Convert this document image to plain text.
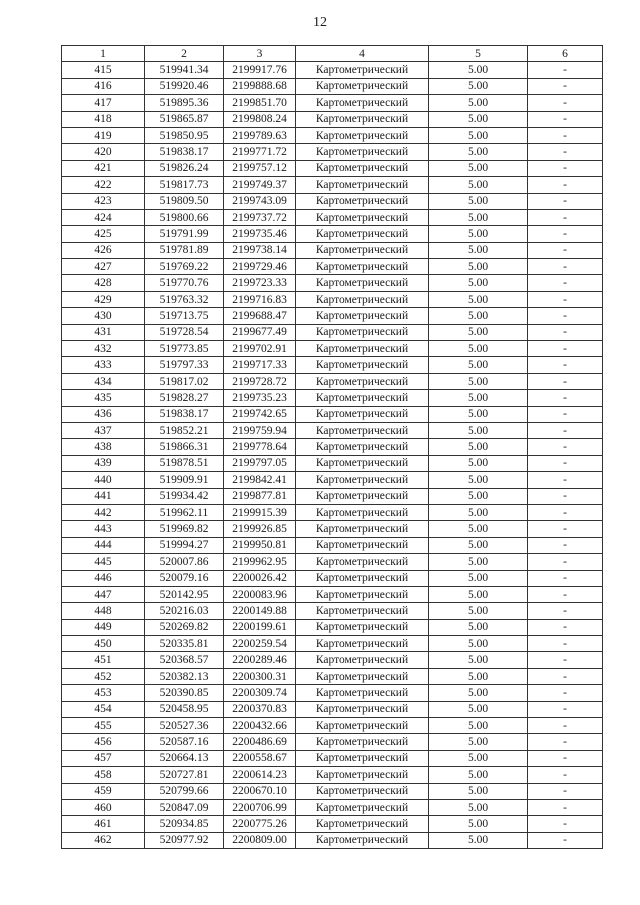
12
1	2	3	4	5	6
415	519941.34	2199917.76	Картометрический	5.00	-
416	519920.46	2199888.68	Картометрический	5.00	-
417	519895.36	2199851.70	Картометрический	5.00	-
418	519865.87	2199808.24	Картометрический	5.00	-
419	519850.95	2199789.63	Картометрический	5.00	-
420	519838.17	2199771.72	Картометрический	5.00	-
421	519826.24	2199757.12	Картометрический	5.00	-
422	519817.73	2199749.37	Картометрический	5.00	-
423	519809.50	2199743.09	Картометрический	5.00	-
424	519800.66	2199737.72	Картометрический	5.00	-
425	519791.99	2199735.46	Картометрический	5.00	-
426	519781.89	2199738.14	Картометрический	5.00	-
427	519769.22	2199729.46	Картометрический	5.00	-
428	519770.76	2199723.33	Картометрический	5.00	-
429	519763.32	2199716.83	Картометрический	5.00	-
430	519713.75	2199688.47	Картометрический	5.00	-
431	519728.54	2199677.49	Картометрический	5.00	-
432	519773.85	2199702.91	Картометрический	5.00	-
433	519797.33	2199717.33	Картометрический	5.00	-
434	519817.02	2199728.72	Картометрический	5.00	-
435	519828.27	2199735.23	Картометрический	5.00	-
436	519838.17	2199742.65	Картометрический	5.00	-
437	519852.21	2199759.94	Картометрический	5.00	-
438	519866.31	2199778.64	Картометрический	5.00	-
439	519878.51	2199797.05	Картометрический	5.00	-
440	519909.91	2199842.41	Картометрический	5.00	-
441	519934.42	2199877.81	Картометрический	5.00	-
442	519962.11	2199915.39	Картометрический	5.00	-
443	519969.82	2199926.85	Картометрический	5.00	-
444	519994.27	2199950.81	Картометрический	5.00	-
445	520007.86	2199962.95	Картометрический	5.00	-
446	520079.16	2200026.42	Картометрический	5.00	-
447	520142.95	2200083.96	Картометрический	5.00	-
448	520216.03	2200149.88	Картометрический	5.00	-
449	520269.82	2200199.61	Картометрический	5.00	-
450	520335.81	2200259.54	Картометрический	5.00	-
451	520368.57	2200289.46	Картометрический	5.00	-
452	520382.13	2200300.31	Картометрический	5.00	-
453	520390.85	2200309.74	Картометрический	5.00	-
454	520458.95	2200370.83	Картометрический	5.00	-
455	520527.36	2200432.66	Картометрический	5.00	-
456	520587.16	2200486.69	Картометрический	5.00	-
457	520664.13	2200558.67	Картометрический	5.00	-
458	520727.81	2200614.23	Картометрический	5.00	-
459	520799.66	2200670.10	Картометрический	5.00	-
460	520847.09	2200706.99	Картометрический	5.00	-
461	520934.85	2200775.26	Картометрический	5.00	-
462	520977.92	2200809.00	Картометрический	5.00	-
